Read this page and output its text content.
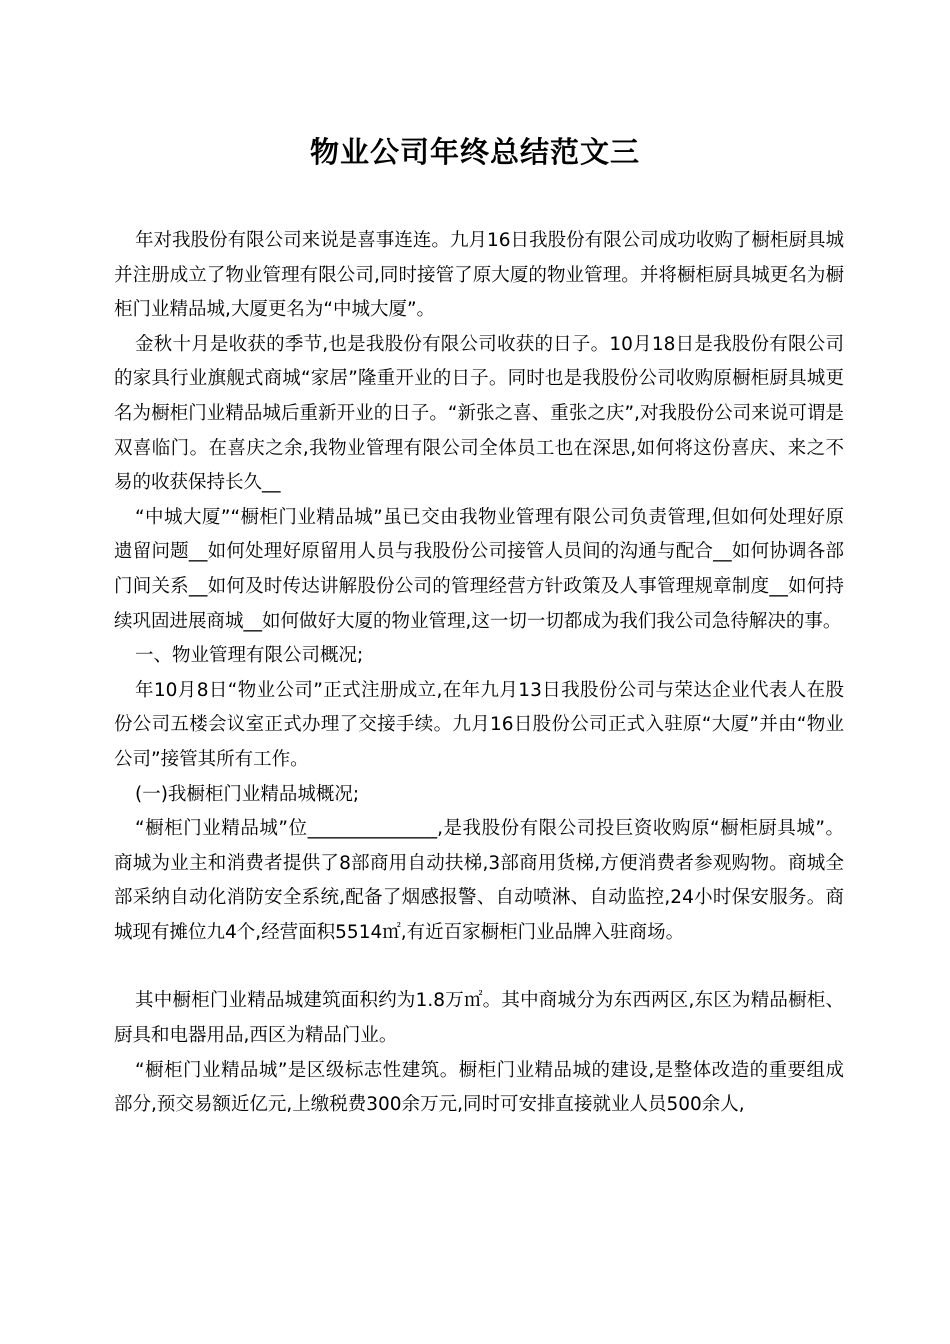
物业公司年终总结范文三

年对我股份有限公司来说是喜事连连。九月16日我股份有限公司成功收购了橱柜厨具城并注册成立了物业管理有限公司,同时接管了原大厦的物业管理。并将橱柜厨具城更名为橱柜门业精品城,大厦更名为“中城大厦”。

金秋十月是收获的季节,也是我股份有限公司收获的日子。10月18日是我股份有限公司的家具行业旗舰式商城“家居”隆重开业的日子。同时也是我股份公司收购原橱柜厨具城更名为橱柜门业精品城后重新开业的日子。“新张之喜、重张之庆”,对我股份公司来说可谓是双喜临门。在喜庆之余,我物业管理有限公司全体员工也在深思,如何将这份喜庆、来之不易的收获保持长久__

“中城大厦”“橱柜门业精品城”虽已交由我物业管理有限公司负责管理,但如何处理好原遗留问题__如何处理好原留用人员与我股份公司接管人员间的沟通与配合__如何协调各部门间关系__如何及时传达讲解股份公司的管理经营方针政策及人事管理规章制度__如何持续巩固进展商城__如何做好大厦的物业管理,这一切一切都成为我们我公司急待解决的事。

一、物业管理有限公司概况;

年10月8日“物业公司”正式注册成立,在年九月13日我股份公司与荣达企业代表人在股份公司五楼会议室正式办理了交接手续。九月16日股份公司正式入驻原“大厦”并由“物业公司”接管其所有工作。

(一)我橱柜门业精品城概况;

“橱柜门业精品城”位______________,是我股份有限公司投巨资收购原“橱柜厨具城”。商城为业主和消费者提供了8部商用自动扶梯,3部商用货梯,方便消费者参观购物。商城全部采纳自动化消防安全系统,配备了烟感报警、自动喷淋、自动监控,24小时保安服务。商城现有摊位九4个,经营面积5514㎡,有近百家橱柜门业品牌入驻商场。

其中橱柜门业精品城建筑面积约为1.8万㎡。其中商城分为东西两区,东区为精品橱柜、厨具和电器用品,西区为精品门业。

“橱柜门业精品城”是区级标志性建筑。橱柜门业精品城的建设,是整体改造的重要组成部分,预交易额近亿元,上缴税费300余万元,同时可安排直接就业人员500余人,
